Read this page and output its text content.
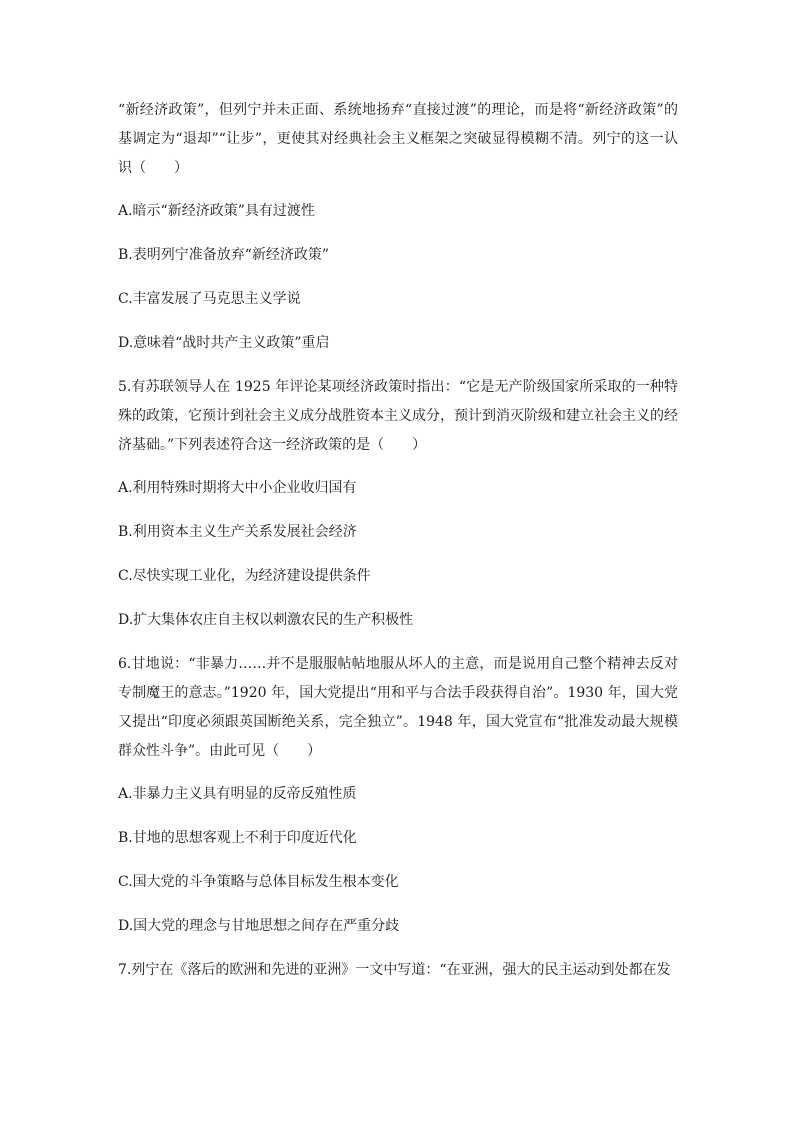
“新经济政策”，但列宁并未正面、系统地扬弃“直接过渡”的理论，而是将“新经济政策”的基调定为“退却”“让步”，更使其对经典社会主义框架之突破显得模糊不清。列宁的这一认识（　　）

A.暗示“新经济政策”具有过渡性

B.表明列宁准备放弃“新经济政策”

C.丰富发展了马克思主义学说

D.意味着“战时共产主义政策”重启

5.有苏联领导人在 1925 年评论某项经济政策时指出：“它是无产阶级国家所采取的一种特殊的政策，它预计到社会主义成分战胜资本主义成分，预计到消灭阶级和建立社会主义的经济基础。”下列表述符合这一经济政策的是（　　）

A.利用特殊时期将大中小企业收归国有

B.利用资本主义生产关系发展社会经济

C.尽快实现工业化，为经济建设提供条件

D.扩大集体农庄自主权以刺激农民的生产积极性

6.甘地说：“非暴力……并不是服服帖帖地服从坏人的主意，而是说用自己整个精神去反对专制魔王的意志。”1920 年，国大党提出“用和平与合法手段获得自治”。1930 年，国大党又提出“印度必须跟英国断绝关系，完全独立”。1948 年，国大党宣布“批准发动最大规模群众性斗争”。由此可见（　　）

A.非暴力主义具有明显的反帝反殖性质

B.甘地的思想客观上不利于印度近代化

C.国大党的斗争策略与总体目标发生根本变化

D.国大党的理念与甘地思想之间存在严重分歧

7.列宁在《落后的欧洲和先进的亚洲》一文中写道：“在亚洲，强大的民主运动到处都在发
